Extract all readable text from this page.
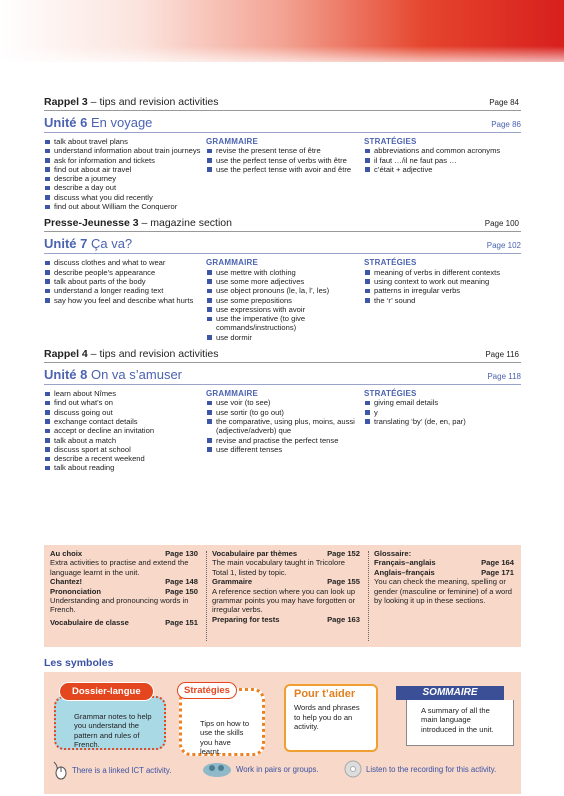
Rappel 3 – tips and revision activities	Page 84
Unité 6 En voyage	Page 86
talk about travel plans
understand information about train journeys
ask for information and tickets
find out about air travel
describe a journey
describe a day out
discuss what you did recently
find out about William the Conqueror
GRAMMAIRE
revise the present tense of être
use the perfect tense of verbs with être
use the perfect tense with avoir and être
STRATÉGIES
abbreviations and common acronyms
il faut …/il ne faut pas …
c’était + adjective
Presse-Jeunesse 3 – magazine section	Page 100
Unité 7 Ça va?	Page 102
discuss clothes and what to wear
describe people’s appearance
talk about parts of the body
understand a longer reading text
say how you feel and describe what hurts
GRAMMAIRE
use mettre with clothing
use some more adjectives
use object pronouns (le, la, l’, les)
use some prepositions
use expressions with avoir
use the imperative (to give commands/instructions)
use dormir
STRATÉGIES
meaning of verbs in different contexts
using context to work out meaning
patterns in irregular verbs
the ‘r’ sound
Rappel 4 – tips and revision activities	Page 116
Unité 8 On va s’amuser	Page 118
learn about Nîmes
find out what’s on
discuss going out
exchange contact details
accept or decline an invitation
talk about a match
discuss sport at school
describe a recent weekend
talk about reading
GRAMMAIRE
use voir (to see)
use sortir (to go out)
the comparative, using plus, moins, aussi (adjective/adverb) que
revise and practise the perfect tense
use different tenses
STRATÉGIES
giving email details
y
translating ‘by’ (de, en, par)
Au choix	Page 130
Extra activities to practise and extend the language learnt in the unit.
Chantez!	Page 148
Prononciation	Page 150
Understanding and pronouncing words in French.
Vocabulaire de classe	Page 151
Vocabulaire par thèmes	Page 152
The main vocabulary taught in Tricolore Total 1, listed by topic.
Grammaire	Page 155
A reference section where you can look up grammar points you may have forgotten or irregular verbs.
Preparing for tests	Page 163
Glossaire:
Français–anglais	Page 164
Anglais–français	Page 171
You can check the meaning, spelling or gender (masculine or feminine) of a word by looking it up in these sections.
Les symboles
Grammar notes to help you understand the pattern and rules of French.
Dossier-langue
Tips on how to use the skills you have learnt.
Stratégies	Pour t’aider
Words and phrases to help you do an activity.
SOMMAIRE
A summary of all the main language introduced in the unit.
There is a linked ICT activity.	Work in pairs or groups.	Listen to the recording for this activity.
